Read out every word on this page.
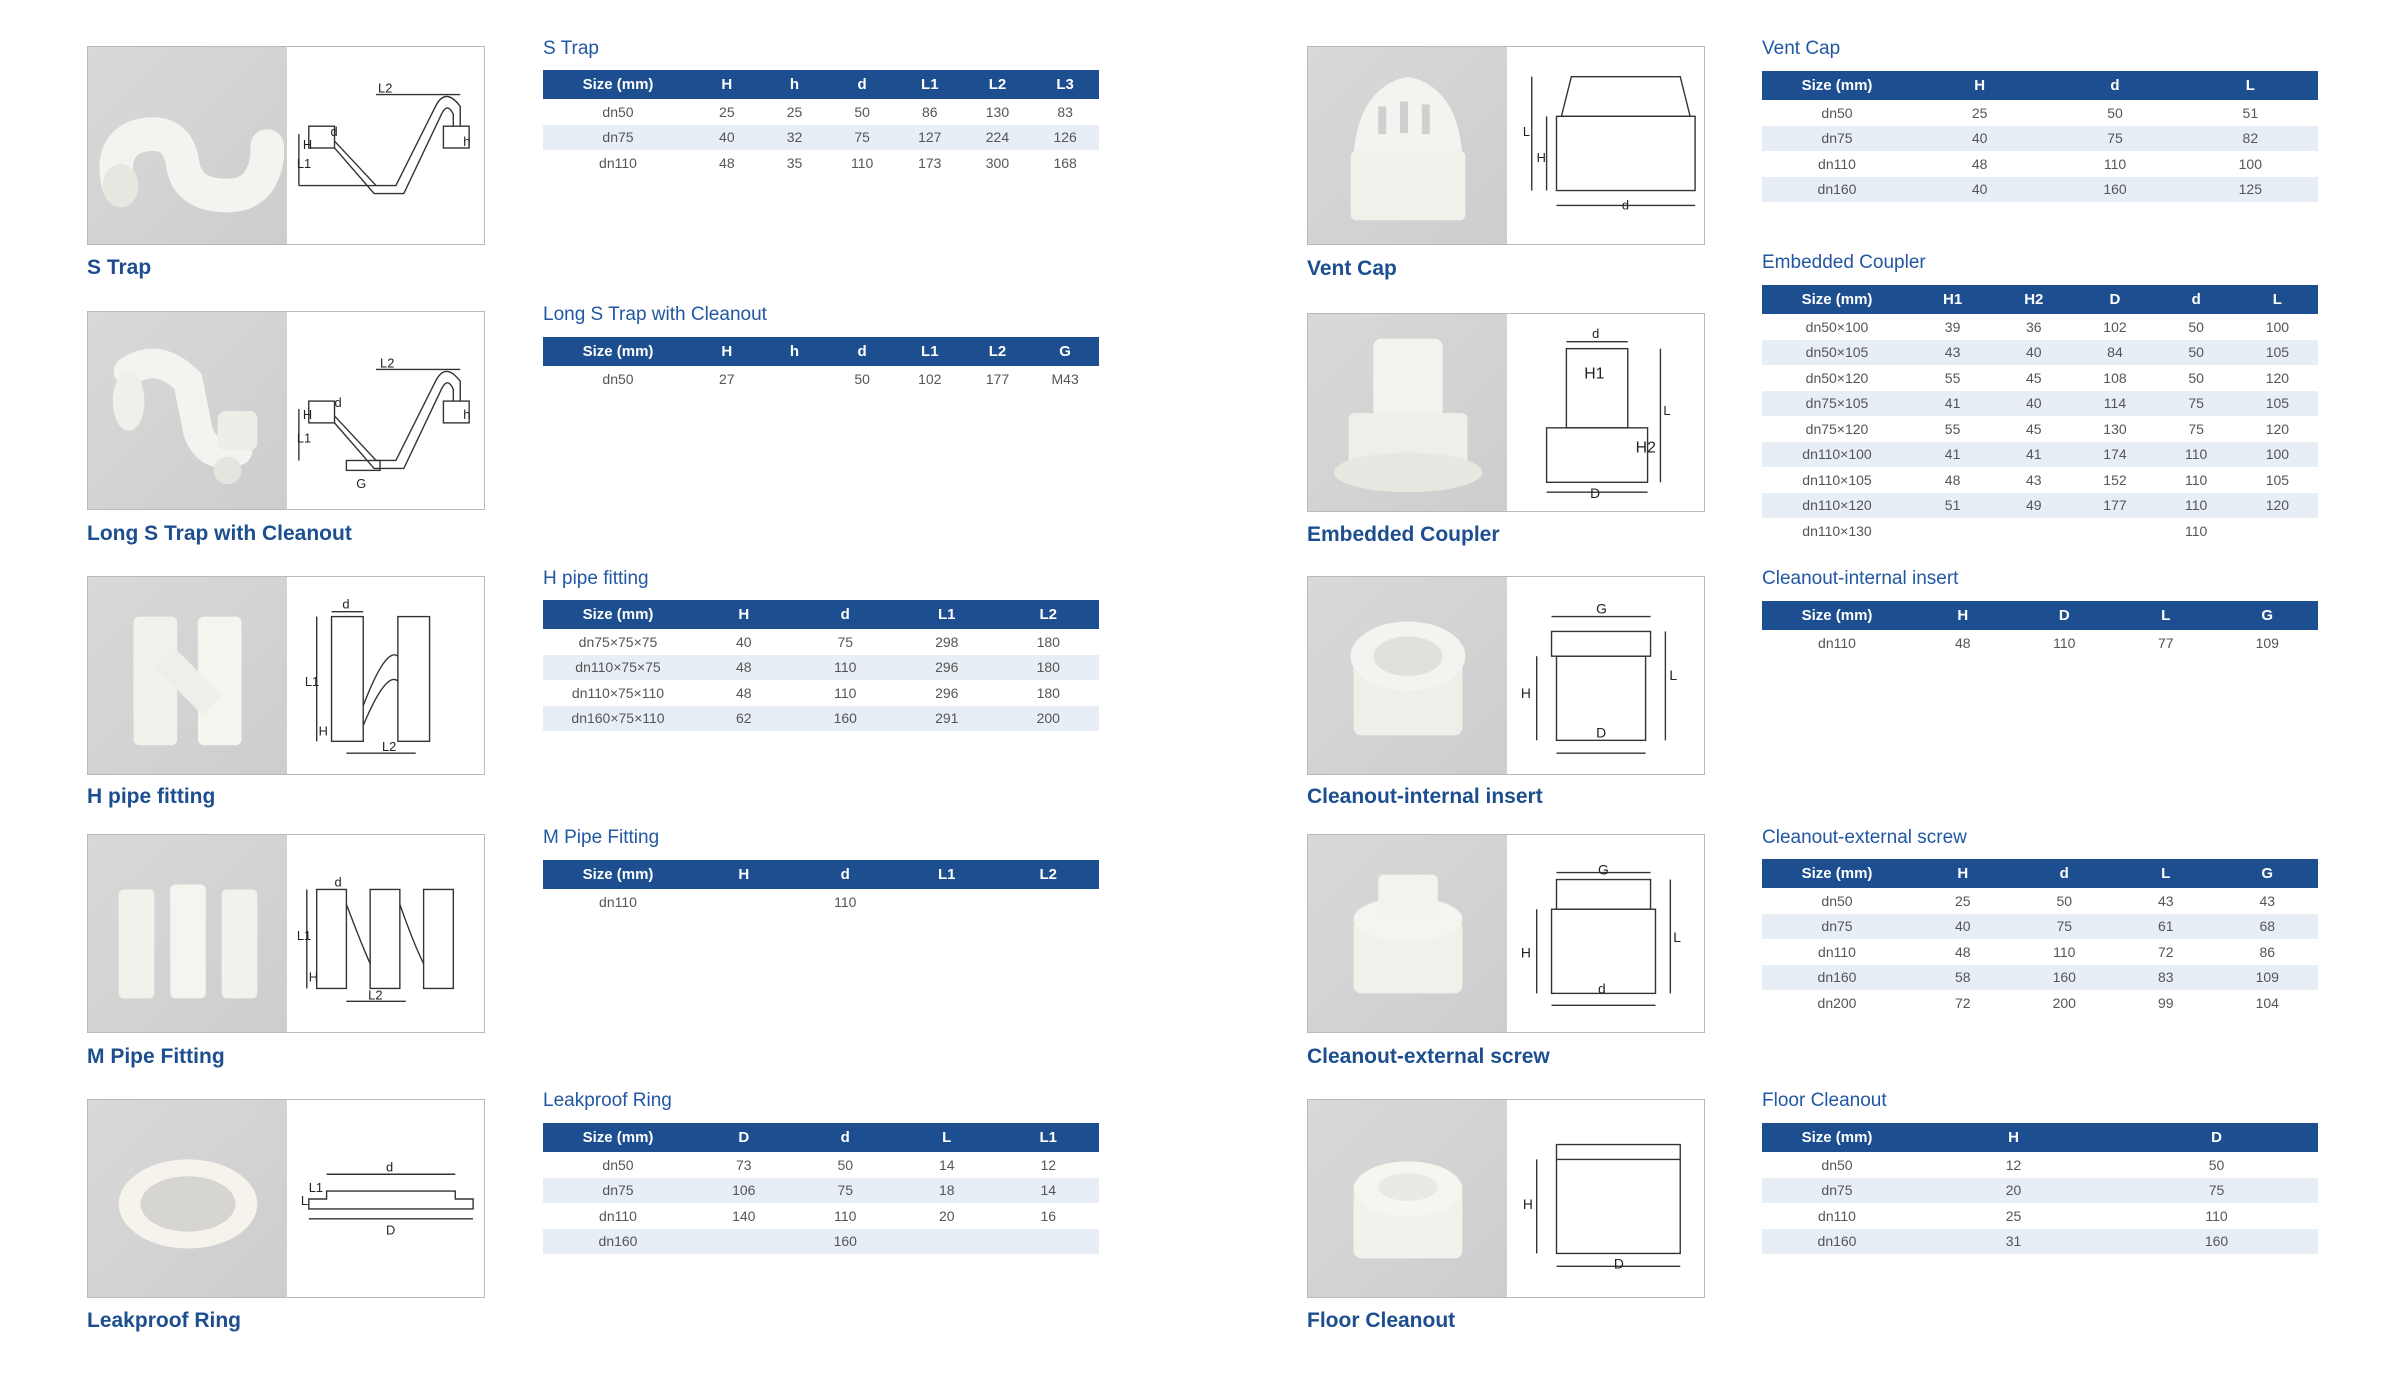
L2
H
L1
d
h
S Trap
S Trap
Size (mm)	H	h	d	L1	L2	L3
dn50	25	25	50	86	130	83
dn75	40	32	75	127	224	126
dn110	48	35	110	173	300	168
L2
H
L1
d
h
G
Long S Trap with Cleanout
Long S Trap with Cleanout
Size (mm)	H	h	d	L1	L2	G
dn50	27		50	102	177	M43
d
L1
H
L2
H pipe fitting
H pipe fitting
Size (mm)	H	d	L1	L2
dn75×75×75	40	75	298	180
dn110×75×75	48	110	296	180
dn110×75×110	48	110	296	180
dn160×75×110	62	160	291	200
d
L1
H
L2
M Pipe Fitting
M Pipe Fitting
Size (mm)	H	d	L1	L2
dn110		110		
d
L1
L
D
Leakproof Ring
Leakproof Ring
Size (mm)	D	d	L	L1
dn50	73	50	14	12
dn75	106	75	18	14
dn110	140	110	20	16
dn160		160		
L
H
d
Vent Cap
Vent Cap
Size (mm)	H	d	L
dn50	25	50	51
dn75	40	75	82
dn110	48	110	100
dn160	40	160	125
d
H1
L
H2
D
Embedded Coupler
Embedded Coupler
Size (mm)	H1	H2	D	d	L
dn50×100	39	36	102	50	100
dn50×105	43	40	84	50	105
dn50×120	55	45	108	50	120
dn75×105	41	40	114	75	105
dn75×120	55	45	130	75	120
dn110×100	41	41	174	110	100
dn110×105	48	43	152	110	105
dn110×120	51	49	177	110	120
dn110×130				110	
G
L
H
D
Cleanout-internal insert
Cleanout-internal insert
Size (mm)	H	D	L	G
dn110	48	110	77	109
G
L
H
d
Cleanout-external screw
Cleanout-external screw
Size (mm)	H	d	L	G
dn50	25	50	43	43
dn75	40	75	61	68
dn110	48	110	72	86
dn160	58	160	83	109
dn200	72	200	99	104
H
D
Floor Cleanout
Floor Cleanout
Size (mm)	H	D
dn50	12	50
dn75	20	75
dn110	25	110
dn160	31	160
